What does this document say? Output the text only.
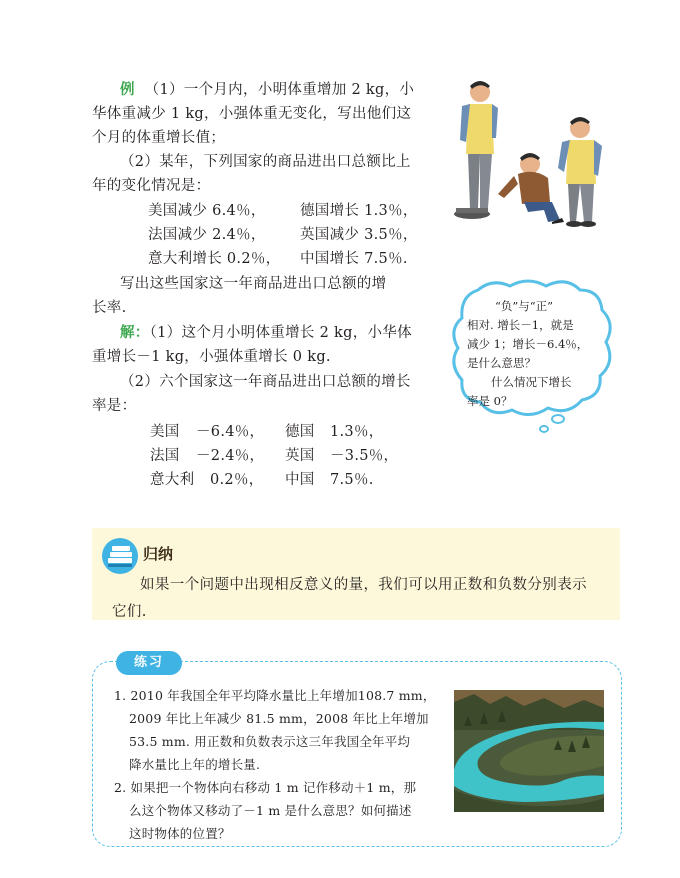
例 （1）一个月内，小明体重增加 2 kg，小
华体重减少 1 kg，小强体重无变化，写出他们这
个月的体重增长值；
（2）某年，下列国家的商品进出口总额比上
年的变化情况是：
美国减少 6.4％， 德国增长 1.3％，
法国减少 2.4％， 英国减少 3.5％，
意大利增长 0.2％， 中国增长 7.5％.
写出这些国家这一年商品进出口总额的增
长率.
解：（1）这个月小明体重增长 2 kg，小华体
重增长－1 kg，小强体重增长 0 kg.
（2）六个国家这一年商品进出口总额的增长
率是：
美国 －6.4％， 德国 1.3％，
法国 －2.4％， 英国 －3.5％，
意大利 0.2％， 中国 7.5％.
“负”与“正”
相对. 增长－1，就是
减少 1；增长－6.4％，
是什么意思？
什么情况下增长
率是 0？
归纳
如果一个问题中出现相反意义的量，我们可以用正数和负数分别表示
它们.
练习
1. 2010 年我国全年平均降水量比上年增加108.7 mm，
2009 年比上年减少 81.5 mm，2008 年比上年增加
53.5 mm. 用正数和负数表示这三年我国全年平均
降水量比上年的增长量.
2. 如果把一个物体向右移动 1 m 记作移动＋1 m，那
么这个物体又移动了－1 m 是什么意思？如何描述
这时物体的位置？
